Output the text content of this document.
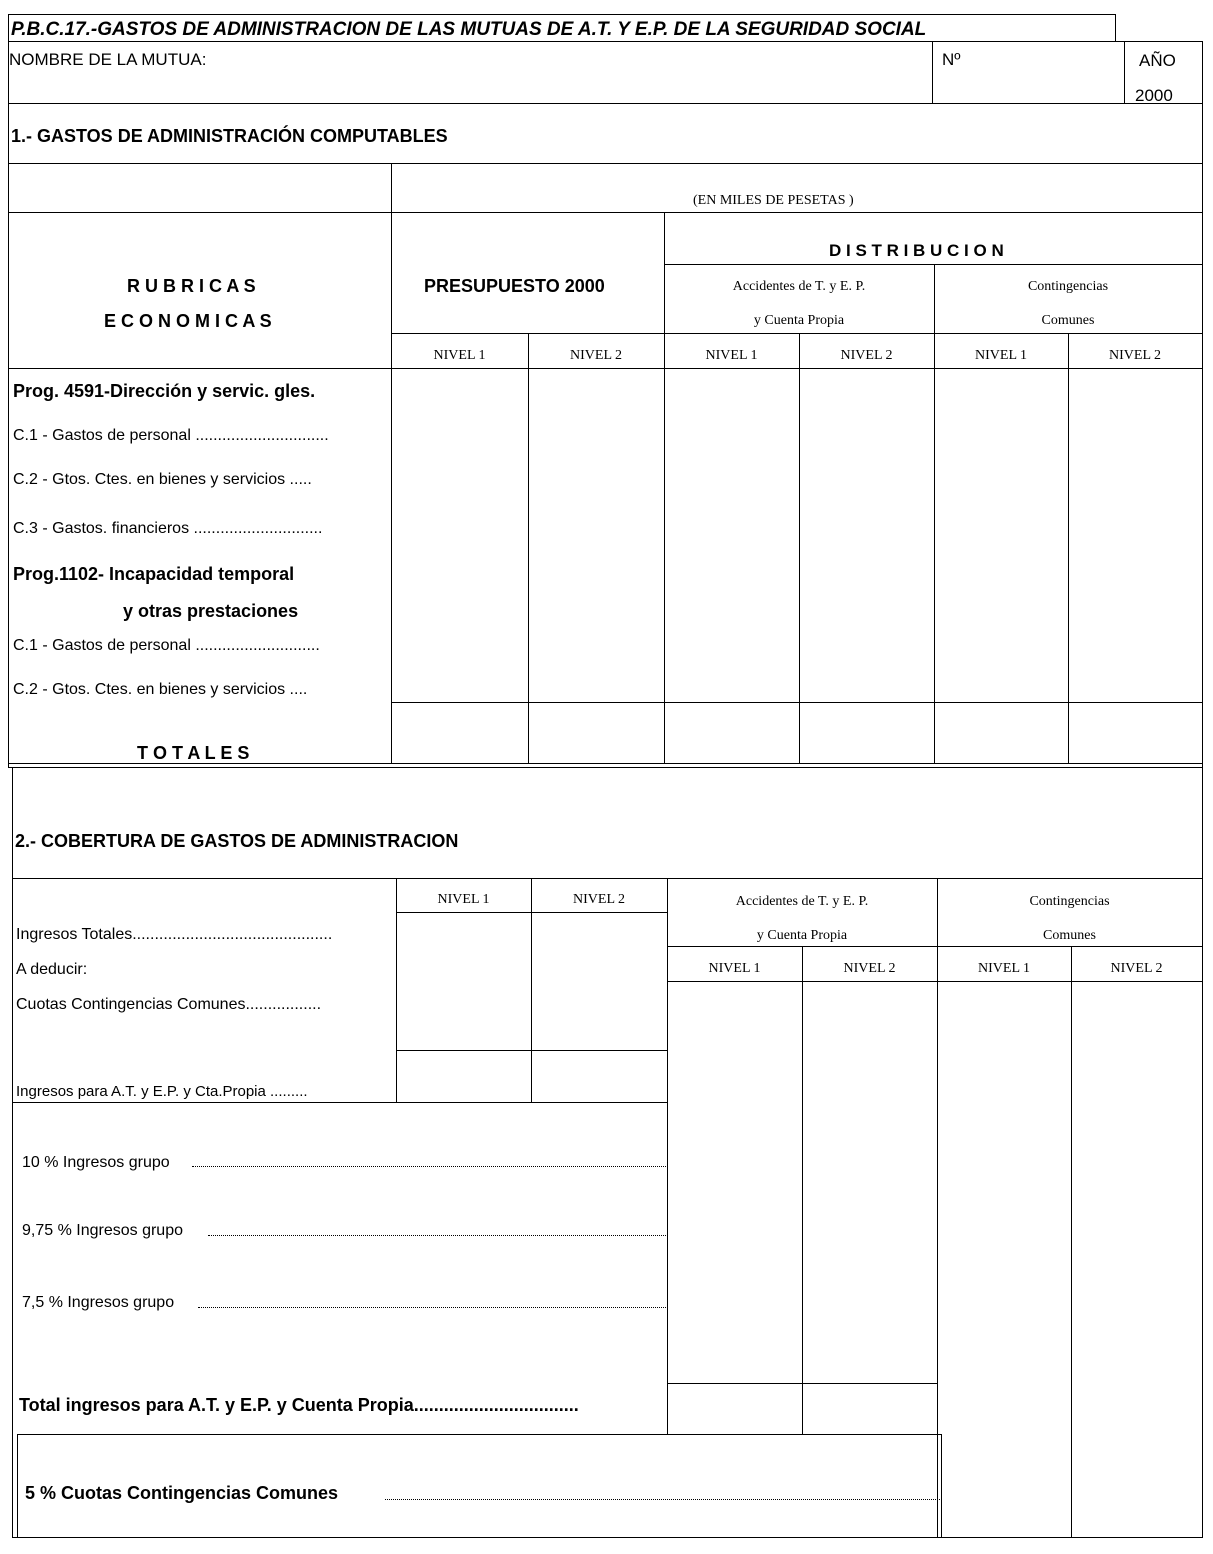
P.B.C.17.-GASTOS DE ADMINISTRACION DE LAS MUTUAS DE A.T. Y E.P. DE LA SEGURIDAD SOCIAL
NOMBRE DE LA MUTUA:	Nº	AÑO
2000
1.- GASTOS DE ADMINISTRACIÓN COMPUTABLES
(EN MILES DE PESETAS )
D I S T R I B U C I O N
R U B R I C A S
E C O N O M I C A S
PRESUPUESTO 2000	Accidentes de T. y E. P.
y Cuenta Propia
Contingencias
Comunes
NIVEL 1	NIVEL 2	NIVEL 1	NIVEL 2	NIVEL 1	NIVEL 2
Prog. 4591-Dirección y servic. gles.
C.1 - Gastos de personal ..............................
C.2 - Gtos. Ctes. en bienes y servicios .....
C.3 - Gastos. financieros .............................
Prog.1102- Incapacidad temporal
y otras prestaciones
C.1 - Gastos de personal ............................
C.2 - Gtos. Ctes. en bienes y servicios ....
T O T A L E S
2.- COBERTURA DE GASTOS DE ADMINISTRACION
NIVEL 1	NIVEL 2	Accidentes de T. y E. P.
y Cuenta Propia
Contingencias
Comunes
NIVEL 1	NIVEL 2	NIVEL 1	NIVEL 2
Ingresos Totales.............................................
A deducir:
Cuotas Contingencias Comunes.................
Ingresos para A.T. y E.P. y Cta.Propia .........
10 % Ingresos grupo
9,75 % Ingresos grupo
7,5 % Ingresos grupo
Total ingresos para A.T. y E.P. y Cuenta Propia.................................
5 % Cuotas Contingencias Comunes
